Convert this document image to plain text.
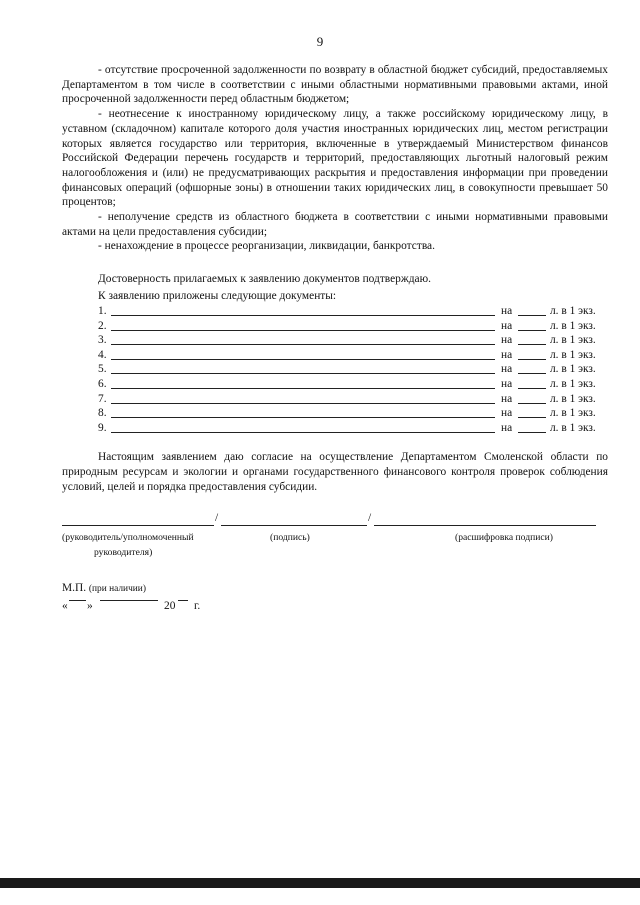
9

- отсутствие просроченной задолженности по возврату в областной бюджет субсидий, предоставляемых Департаментом в том числе в соответствии с иными областными нормативными правовыми актами, иной просроченной задолженности перед областным бюджетом;

- неотнесение к иностранному юридическому лицу, а также российскому юридическому лицу, в уставном (складочном) капитале которого доля участия иностранных юридических лиц, местом регистрации которых является государство или территория, включенные в утверждаемый Министерством финансов Российской Федерации перечень государств и территорий, предоставляющих льготный налоговый режим налогообложения и (или) не предусматривающих раскрытия и предоставления информации при проведении финансовых операций (офшорные зоны) в отношении таких юридических лиц, в совокупности превышает 50 процентов;

- неполучение средств из областного бюджета в соответствии с иными нормативными правовыми актами на цели предоставления субсидии;

- ненахождение в процессе реорганизации, ликвидации, банкротства.

Достоверность прилагаемых к заявлению документов подтверждаю.
К заявлению приложены следующие документы:
1.	на	л. в 1 экз.
2.	на	л. в 1 экз.
3.	на	л. в 1 экз.
4.	на	л. в 1 экз.
5.	на	л. в 1 экз.
6.	на	л. в 1 экз.
7.	на	л. в 1 экз.
8.	на	л. в 1 экз.
9.	на	л. в 1 экз.

Настоящим заявлением даю согласие на осуществление Департаментом Смоленской области по природным ресурсам и экологии и органами государственного финансового контроля проверок соблюдения условий, целей и порядка предоставления субсидии.

/	/
(руководитель/уполномоченный
руководителя)
(подпись)	(расшифровка подписи)
М.П. (при наличии)
« »	20 г.
